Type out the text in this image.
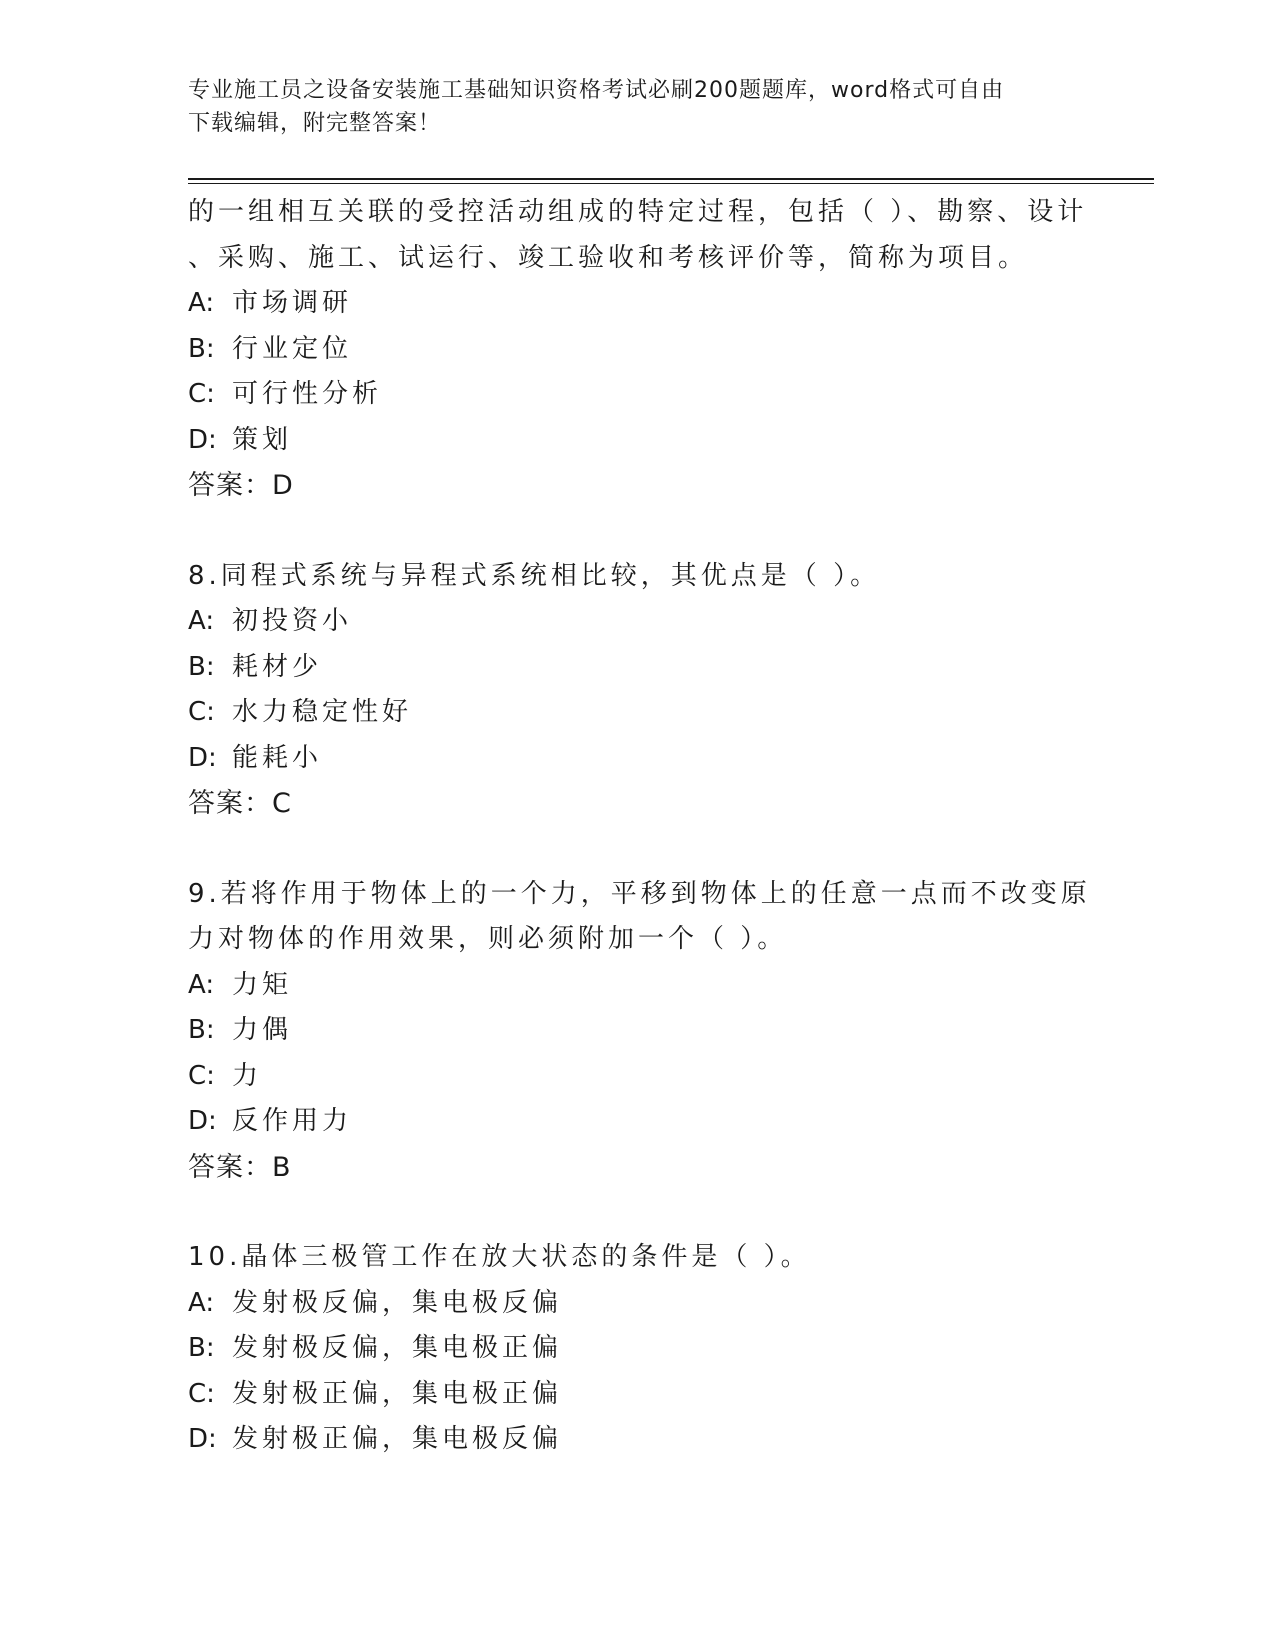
专业施工员之设备安装施工基础知识资格考试必刷200题题库，word格式可自由
下载编辑，附完整答案！
的一组相互关联的受控活动组成的特定过程，包括（ ）、勘察、设计
、采购、施工、试运行、竣工验收和考核评价等，简称为项目。
A: 市场调研
B: 行业定位
C: 可行性分析
D: 策划
答案：D
8.同程式系统与异程式系统相比较，其优点是（ ）。
A: 初投资小
B: 耗材少
C: 水力稳定性好
D: 能耗小
答案：C
9.若将作用于物体上的一个力，平移到物体上的任意一点而不改变原
力对物体的作用效果，则必须附加一个（ ）。
A: 力矩
B: 力偶
C: 力
D: 反作用力
答案：B
10.晶体三极管工作在放大状态的条件是（ ）。
A: 发射极反偏，集电极反偏
B: 发射极反偏，集电极正偏
C: 发射极正偏，集电极正偏
D: 发射极正偏，集电极反偏
